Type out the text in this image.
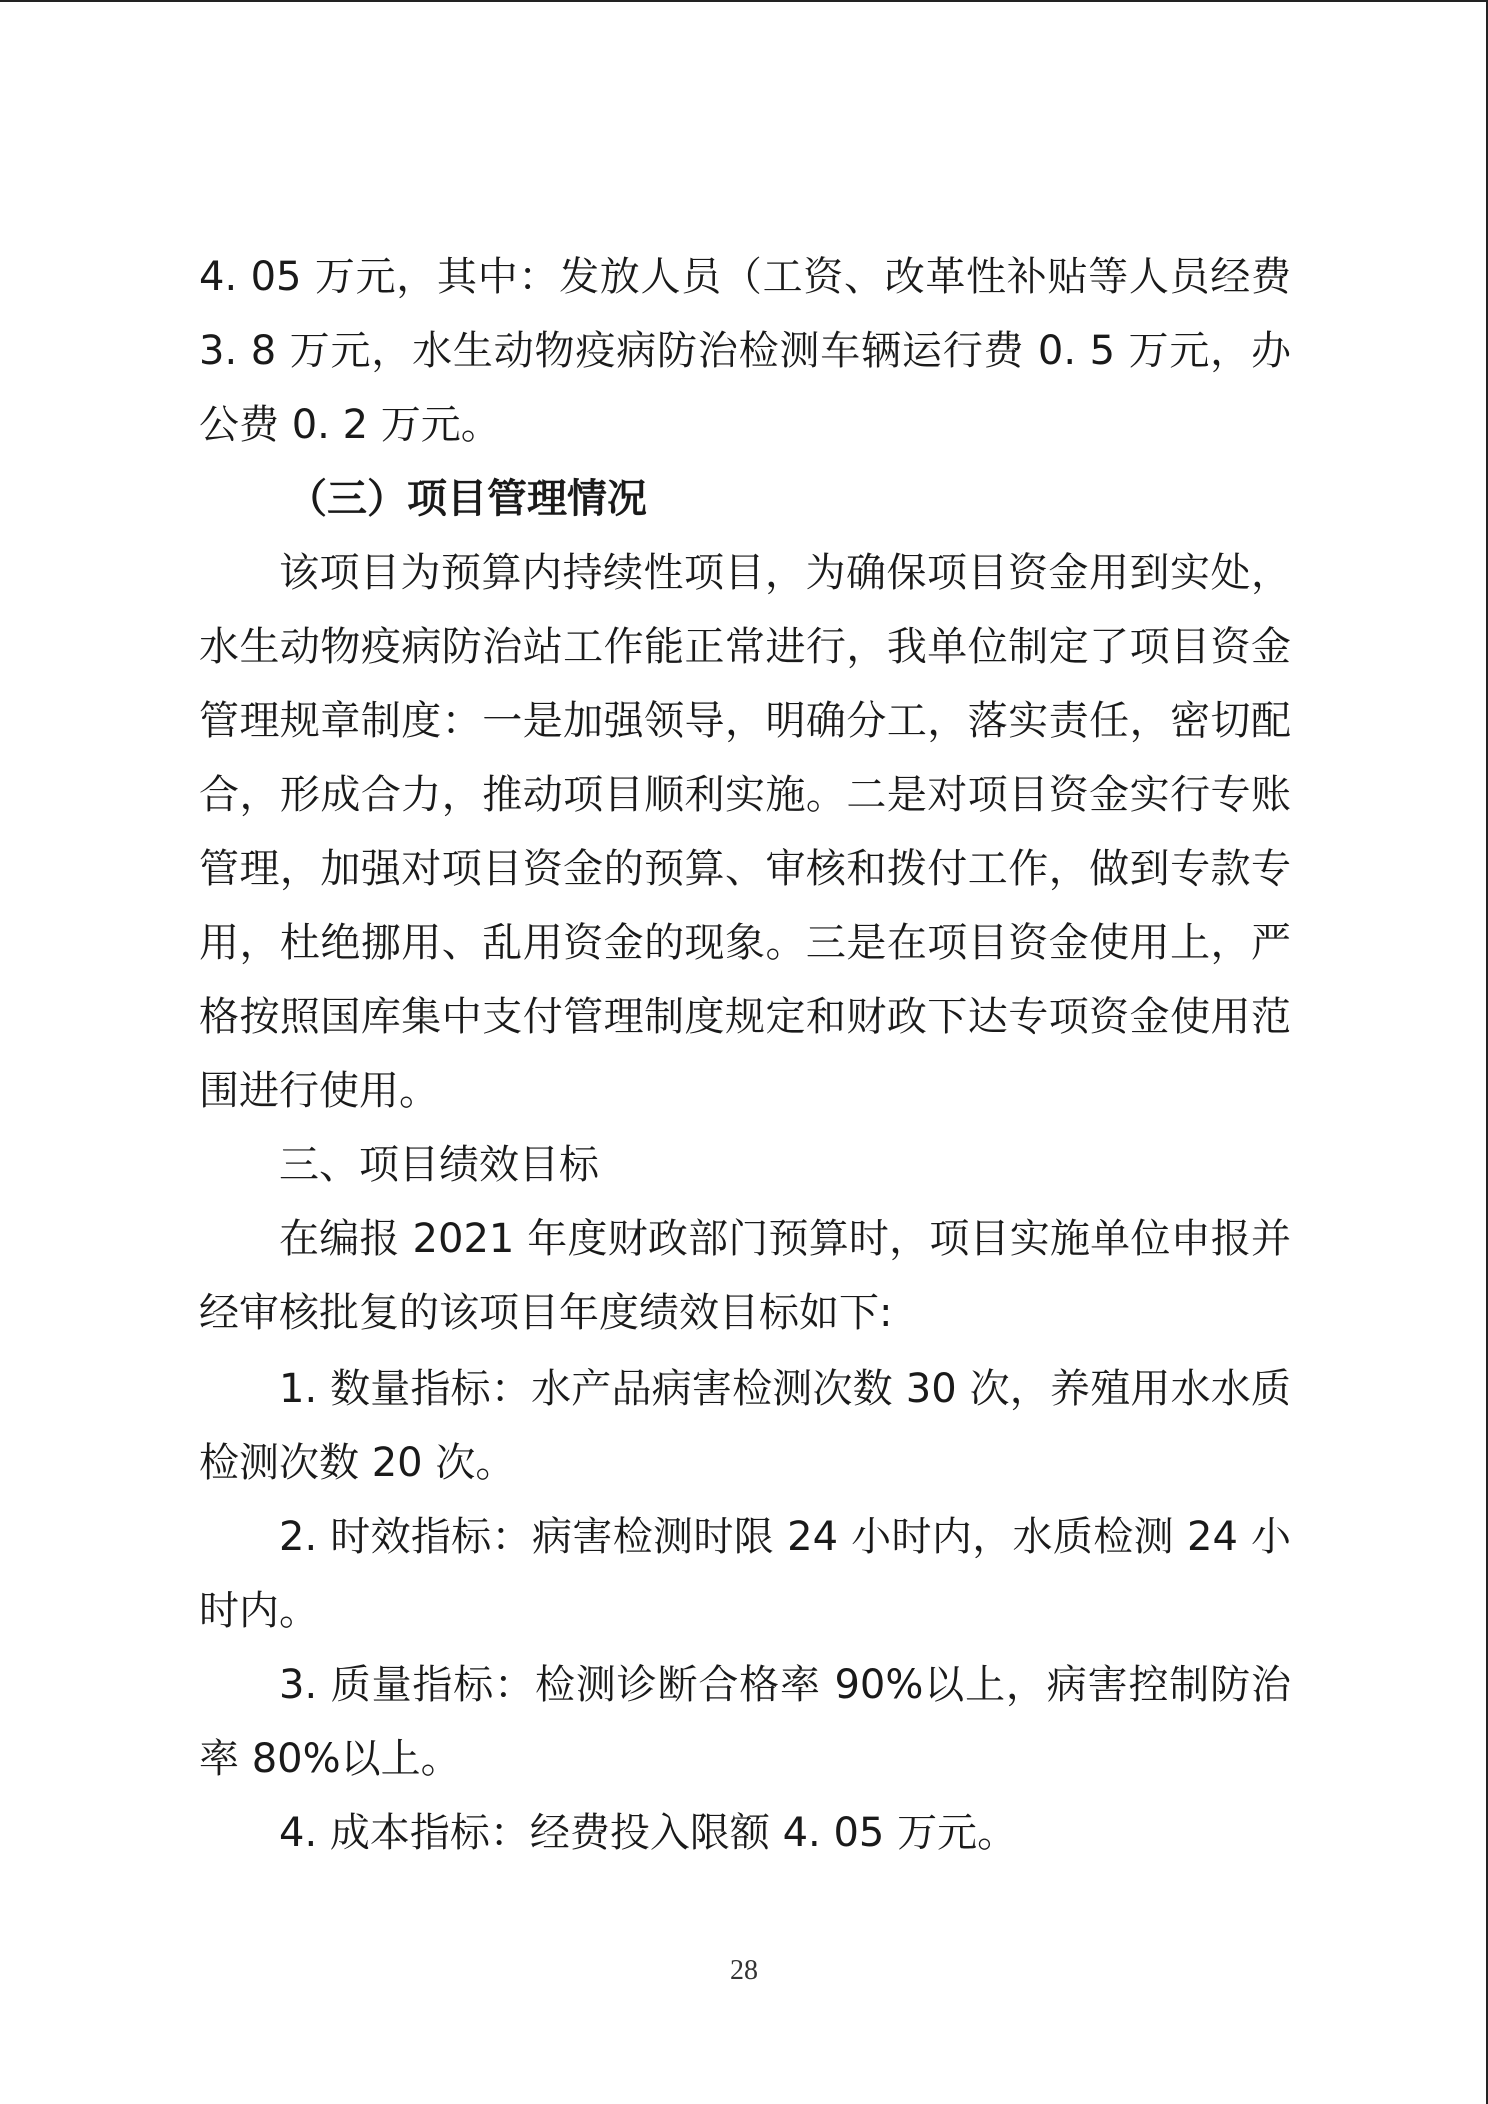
4. 05 万元，其中：发放人员（工资、改革性补贴等人员经费 3. 8 万元，水生动物疫病防治检测车辆运行费 0. 5 万元，办公费 0. 2 万元。

（三）项目管理情况

该项目为预算内持续性项目，为确保项目资金用到实处，水生动物疫病防治站工作能正常进行，我单位制定了项目资金管理规章制度：一是加强领导，明确分工，落实责任，密切配合，形成合力，推动项目顺利实施。二是对项目资金实行专账管理，加强对项目资金的预算、审核和拨付工作，做到专款专用，杜绝挪用、乱用资金的现象。三是在项目资金使用上，严格按照国库集中支付管理制度规定和财政下达专项资金使用范围进行使用。

三、项目绩效目标

在编报 2021 年度财政部门预算时，项目实施单位申报并经审核批复的该项目年度绩效目标如下:

1. 数量指标：水产品病害检测次数 30 次，养殖用水水质检测次数 20 次。

2. 时效指标：病害检测时限 24 小时内，水质检测 24 小时内。

3. 质量指标：检测诊断合格率 90%以上，病害控制防治率 80%以上。

4. 成本指标：经费投入限额 4. 05 万元。

28
